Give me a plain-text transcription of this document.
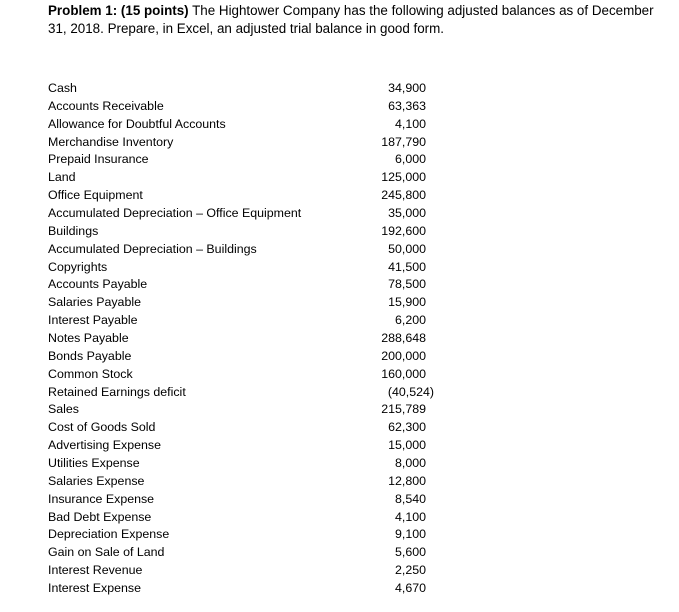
Problem 1: (15 points) The Hightower Company has the following adjusted balances as of December 31, 2018. Prepare, in Excel, an adjusted trial balance in good form.
Cash	34,900
Accounts Receivable	63,363
Allowance for Doubtful Accounts	4,100
Merchandise Inventory	187,790
Prepaid Insurance	6,000
Land	125,000
Office Equipment	245,800
Accumulated Depreciation – Office Equipment	35,000
Buildings	192,600
Accumulated Depreciation – Buildings	50,000
Copyrights	41,500
Accounts Payable	78,500
Salaries Payable	15,900
Interest Payable	6,200
Notes Payable	288,648
Bonds Payable	200,000
Common Stock	160,000
Retained Earnings deficit	(40,524)
Sales	215,789
Cost of Goods Sold	62,300
Advertising Expense	15,000
Utilities Expense	8,000
Salaries Expense	12,800
Insurance Expense	8,540
Bad Debt Expense	4,100
Depreciation Expense	9,100
Gain on Sale of Land	5,600
Interest Revenue	2,250
Interest Expense	4,670
